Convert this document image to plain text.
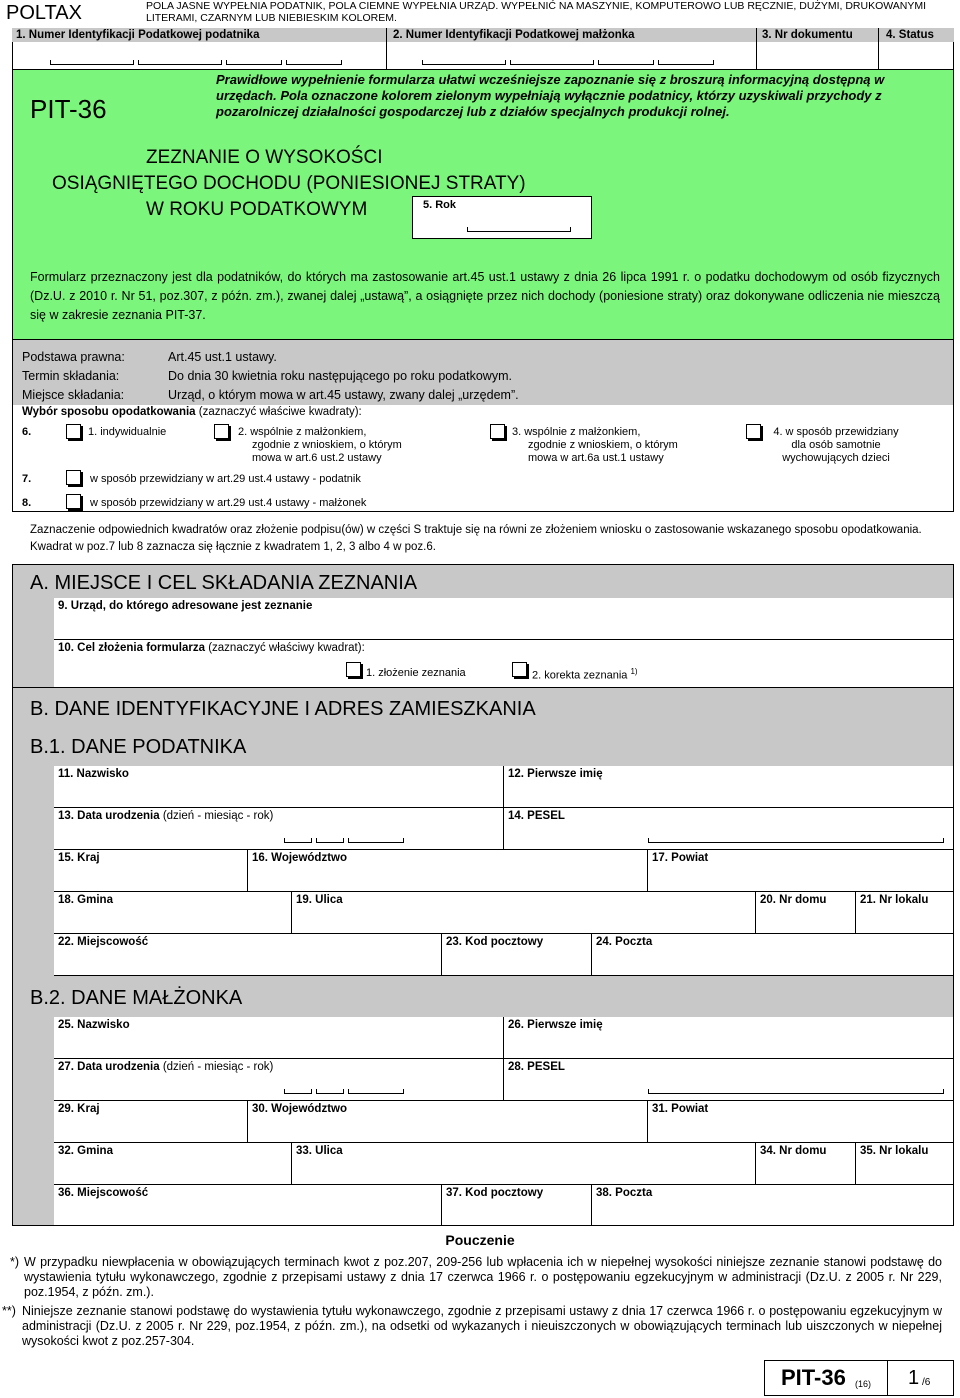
POLTAX	POLA JASNE WYPEŁNIA PODATNIK, POLA CIEMNE WYPEŁNIA URZĄD. WYPEŁNIĆ NA MASZYNIE, KOMPUTEROWO LUB RĘCZNIE, DUŻYMI, DRUKOWANYMI LITERAMI, CZARNYM LUB NIEBIESKIM KOLOREM.
1. Numer Identyfikacji Podatkowej podatnika	2. Numer Identyfikacji Podatkowej małżonka	3. Nr dokumentu	4. Status
PIT-36
Prawidłowe wypełnienie formularza ułatwi wcześniejsze zapoznanie się z broszurą informacyjną dostępną w urzędach. Pola oznaczone kolorem zielonym wypełniają wyłącznie podatnicy, którzy uzyskiwali przychody z pozarolniczej działalności gospodarczej lub z działów specjalnych produkcji rolnej.
ZEZNANIE O WYSOKOŚCI
OSIĄGNIĘTEGO DOCHODU (PONIESIONEJ STRATY)
W ROKU PODATKOWYM	5. Rok
Formularz przeznaczony jest dla podatników, do których ma zastosowanie art.45 ust.1 ustawy z dnia 26 lipca 1991 r. o podatku dochodowym od osób fizycznych (Dz.U. z 2010 r. Nr 51, poz.307, z późn. zm.), zwanej dalej „ustawą”, a osiągnięte przez nich dochody (poniesione straty) oraz dokonywane odliczenia nie mieszczą się w zakresie zeznania PIT-37.
Podstawa prawna:	Art.45 ust.1 ustawy.
Termin składania:	Do dnia 30 kwietnia roku następującego po roku podatkowym.
Miejsce składania:	Urząd, o którym mowa w art.45 ustawy, zwany dalej „urzędem”.
Wybór sposobu opodatkowania (zaznaczyć właściwe kwadraty):
6.	1. indywidualnie	2. wspólnie z małżonkiem,
zgodnie z wnioskiem, o którym
mowa w art.6 ust.2 ustawy
3. wspólnie z małżonkiem,
zgodnie z wnioskiem, o którym
mowa w art.6a ust.1 ustawy
4. w sposób przewidziany
dla osób samotnie
wychowujących dzieci
7.	w sposób przewidziany w art.29 ust.4 ustawy - podatnik
8.	w sposób przewidziany w art.29 ust.4 ustawy - małżonek
Zaznaczenie odpowiednich kwadratów oraz złożenie podpisu(ów) w części S traktuje się na równi ze złożeniem wniosku o zastosowanie wskazanego sposobu opodatkowania. Kwadrat w poz.7 lub 8 zaznacza się łącznie z kwadratem 1, 2, 3 albo 4 w poz.6.
A. MIEJSCE I CEL SKŁADANIA ZEZNANIA
9. Urząd, do którego adresowane jest zeznanie
10. Cel złożenia formularza (zaznaczyć właściwy kwadrat):
1. złożenie zeznania	2. korekta zeznania $^{1)}$
B. DANE IDENTYFIKACYJNE I ADRES ZAMIESZKANIA
B.1. DANE PODATNIKA
11. Nazwisko	12. Pierwsze imię
13. Data urodzenia (dzień - miesiąc - rok)	14. PESEL
15. Kraj	16. Województwo	17. Powiat
18. Gmina	19. Ulica	20. Nr domu	21. Nr lokalu
22. Miejscowość	23. Kod pocztowy	24. Poczta
B.2. DANE MAŁŻONKA
25. Nazwisko	26. Pierwsze imię
27. Data urodzenia (dzień - miesiąc - rok)	28. PESEL
29. Kraj	30. Województwo	31. Powiat
32. Gmina	33. Ulica	34. Nr domu	35. Nr lokalu
36. Miejscowość	37. Kod pocztowy	38. Poczta
Pouczenie
*) W przypadku niewpłacenia w obowiązujących terminach kwot z poz.207, 209-256 lub wpłacenia ich w niepełnej wysokości niniejsze zeznanie stanowi podstawę do wystawienia tytułu wykonawczego, zgodnie z przepisami ustawy z dnia 17 czerwca 1966 r. o postępowaniu egzekucyjnym w administracji (Dz.U. z 2005 r. Nr 229, poz.1954, z późn. zm.).
**) Niniejsze zeznanie stanowi podstawę do wystawienia tytułu wykonawczego, zgodnie z przepisami ustawy z dnia 17 czerwca 1966 r. o postępowaniu egzekucyjnym w administracji (Dz.U. z 2005 r. Nr 229, poz.1954, z późn. zm.), na odsetki od wykazanych i nieuiszczonych w obowiązujących terminach lub uiszczonych w niepełnej wysokości kwot z poz.257-304.
PIT-36 (16) 1 /6
